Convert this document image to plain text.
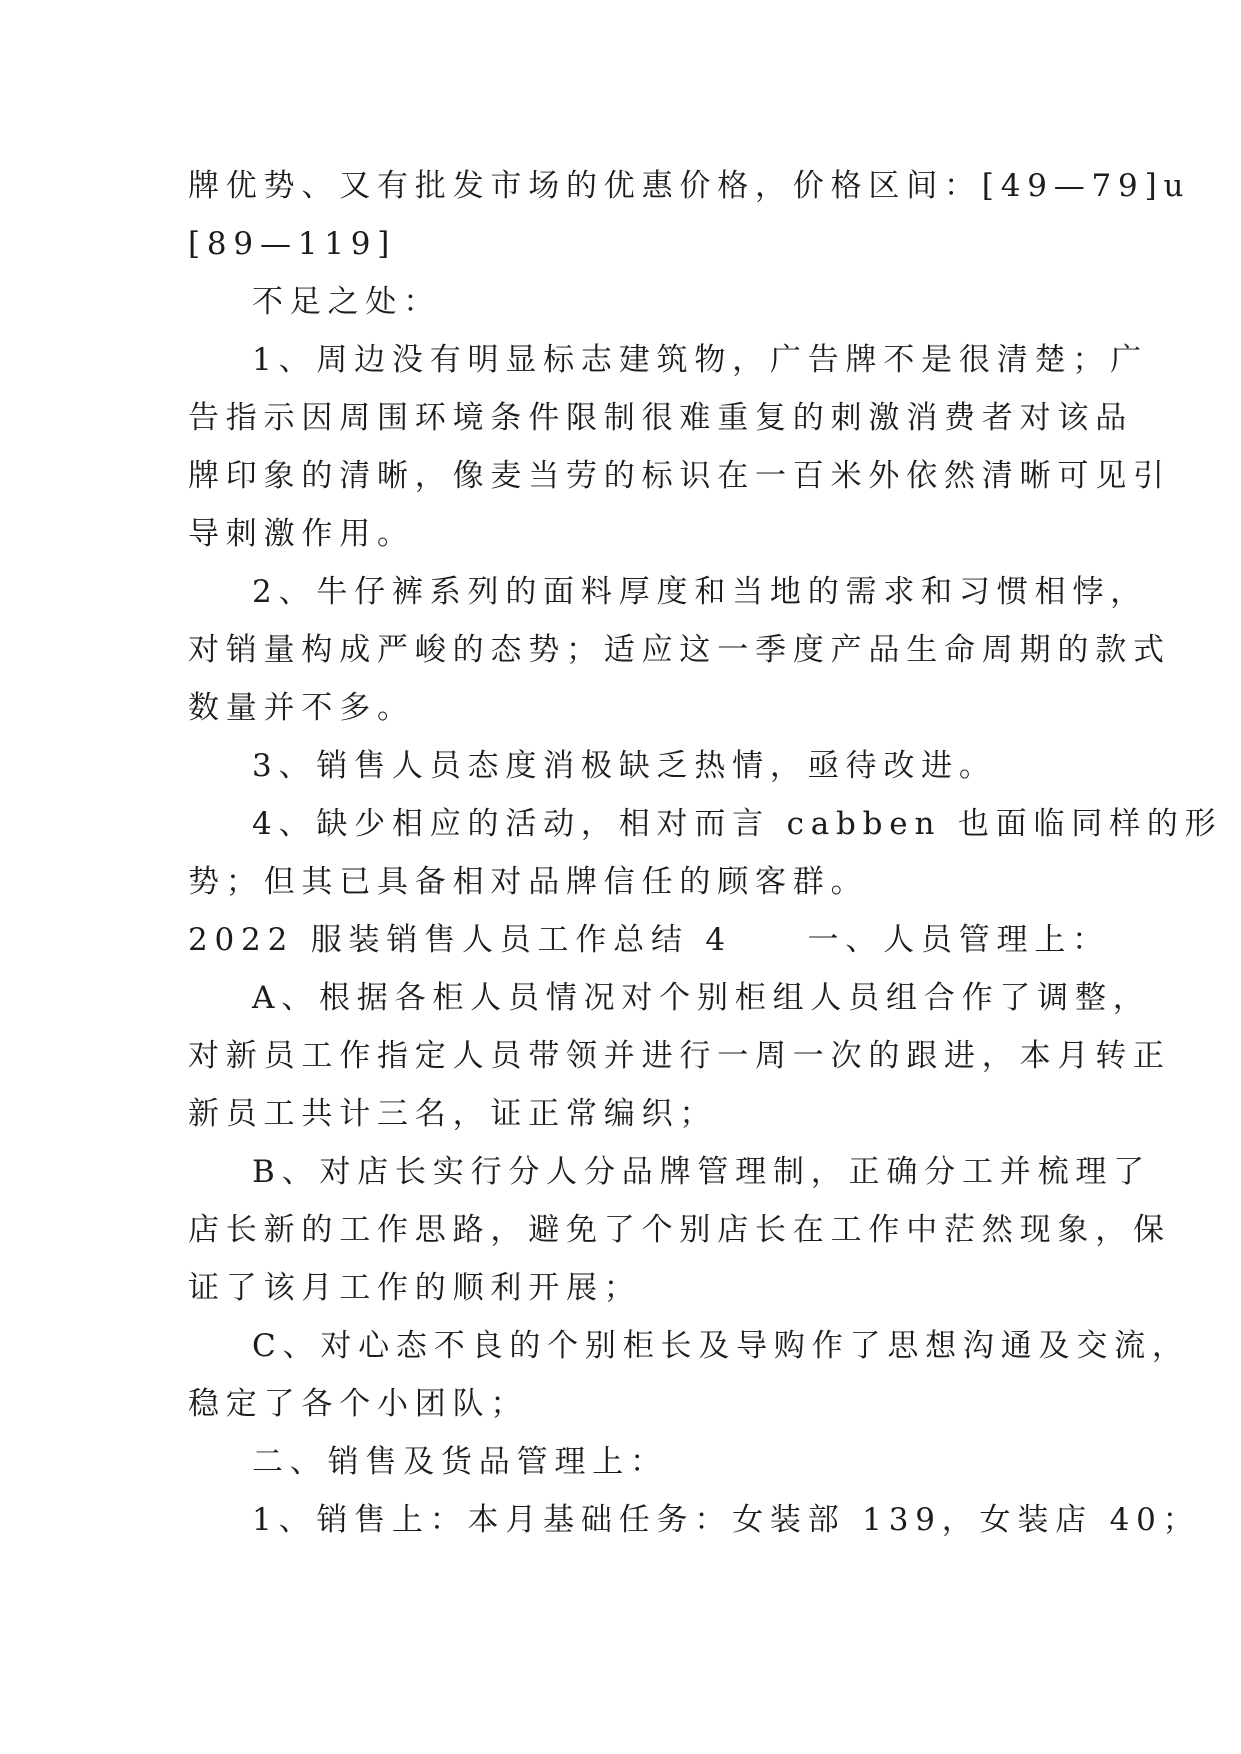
牌优势、又有批发市场的优惠价格，价格区间：[49—79]u
[89—119]
不足之处：
1、周边没有明显标志建筑物，广告牌不是很清楚；广
告指示因周围环境条件限制很难重复的刺激消费者对该品
牌印象的清晰，像麦当劳的标识在一百米外依然清晰可见引
导刺激作用。
2、牛仔裤系列的面料厚度和当地的需求和习惯相悖，
对销量构成严峻的态势；适应这一季度产品生命周期的款式
数量并不多。
3、销售人员态度消极缺乏热情，亟待改进。
4、缺少相应的活动，相对而言 cabben 也面临同样的形
势；但其已具备相对品牌信任的顾客群。
2022 服装销售人员工作总结 4　　一、人员管理上：
A、根据各柜人员情况对个别柜组人员组合作了调整，
对新员工作指定人员带领并进行一周一次的跟进，本月转正
新员工共计三名，证正常编织；
B、对店长实行分人分品牌管理制，正确分工并梳理了
店长新的工作思路，避免了个别店长在工作中茫然现象，保
证了该月工作的顺利开展；
C、对心态不良的个别柜长及导购作了思想沟通及交流，
稳定了各个小团队；
二、销售及货品管理上：
1、销售上：本月基础任务：女装部 139，女装店 40；
